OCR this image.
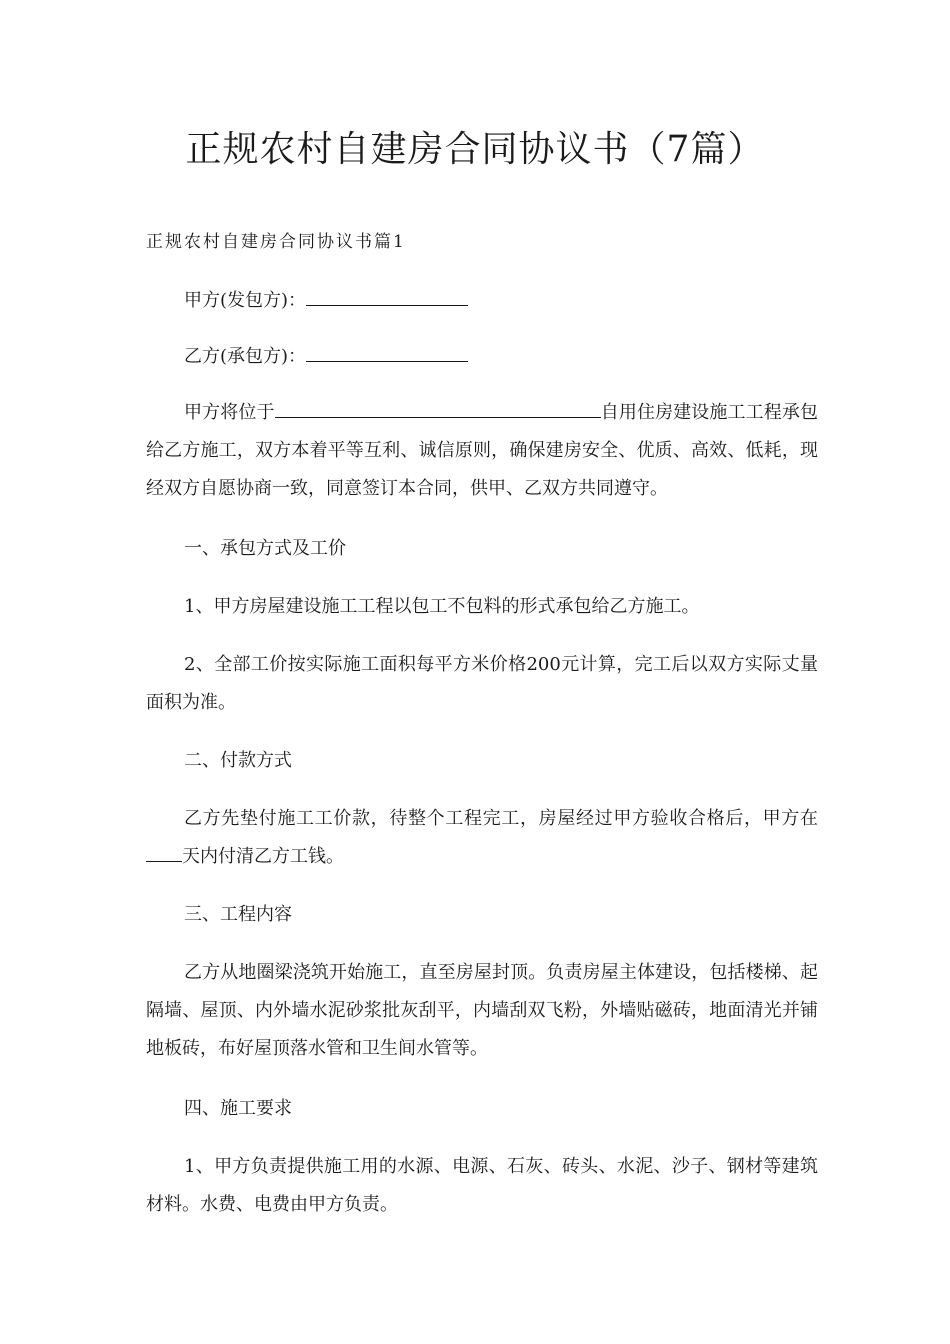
正规农村自建房合同协议书（7篇）

正规农村自建房合同协议书篇1

甲方(发包方)：

乙方(承包方)：

甲方将位于	自用住房建设施工工程承包给乙方施工，双方本着平等互利、诚信原则，确保建房安全、优质、高效、低耗，现经双方自愿协商一致，同意签订本合同，供甲、乙双方共同遵守。

一、承包方式及工价

1、甲方房屋建设施工工程以包工不包料的形式承包给乙方施工。

2、全部工价按实际施工面积每平方米价格200元计算，完工后以双方实际丈量面积为准。

二、付款方式

乙方先垫付施工工价款，待整个工程完工，房屋经过甲方验收合格后，甲方在天内付清乙方工钱。

三、工程内容

乙方从地圈梁浇筑开始施工，直至房屋封顶。负责房屋主体建设，包括楼梯、起隔墙、屋顶、内外墙水泥砂浆批灰刮平，内墙刮双飞粉，外墙贴磁砖，地面清光并铺地板砖，布好屋顶落水管和卫生间水管等。

四、施工要求

1、甲方负责提供施工用的水源、电源、石灰、砖头、水泥、沙子、钢材等建筑材料。水费、电费由甲方负责。
